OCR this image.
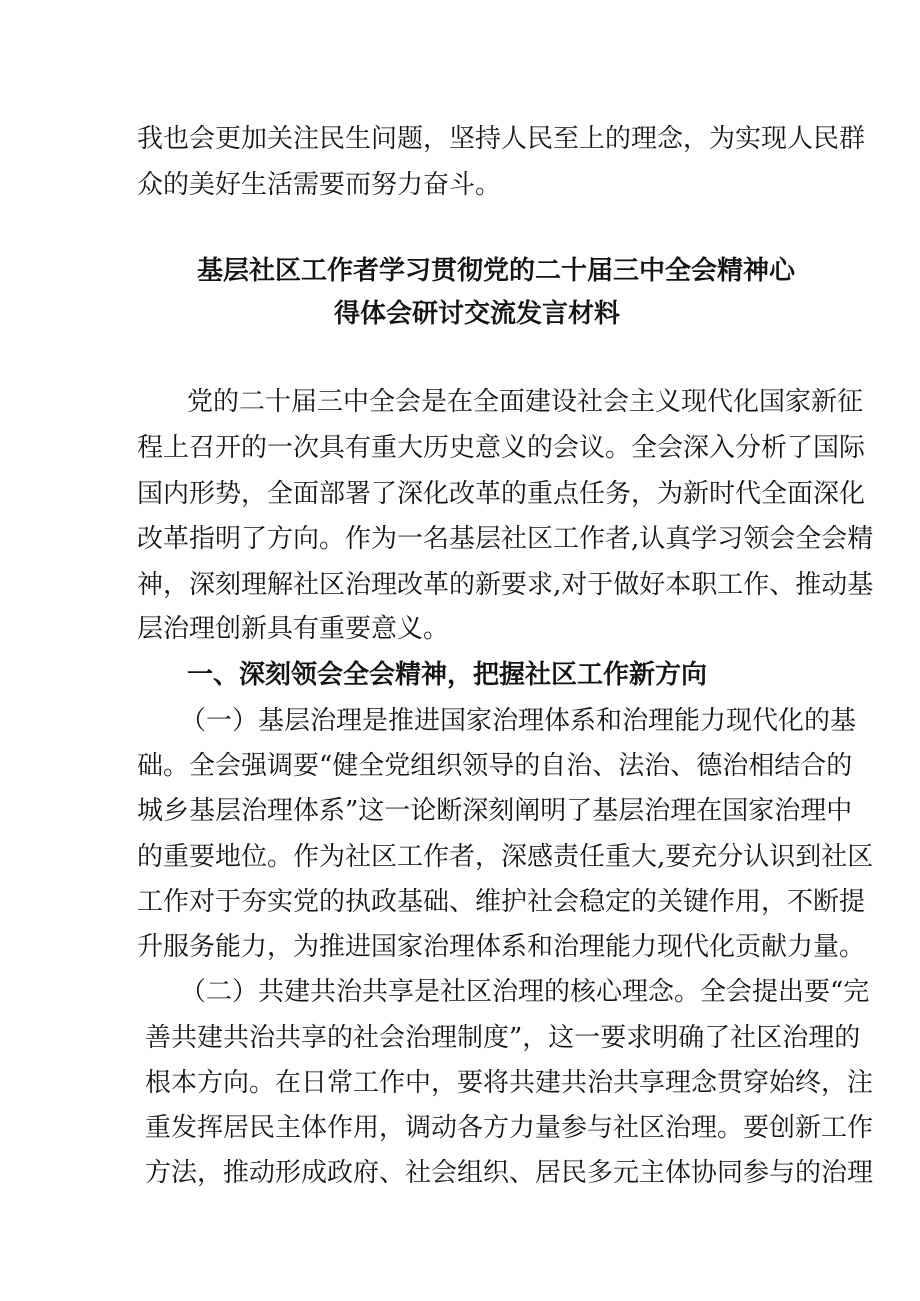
我也会更加关注民生问题，坚持人民至上的理念，为实现人民群
众的美好生活需要而努力奋斗。
基层社区工作者学习贯彻党的二十届三中全会精神心
得体会研讨交流发言材料
党的二十届三中全会是在全面建设社会主义现代化国家新征
程上召开的一次具有重大历史意义的会议。全会深入分析了国际
国内形势，全面部署了深化改革的重点任务，为新时代全面深化
改革指明了方向。作为一名基层社区工作者,认真学习领会全会精
神，深刻理解社区治理改革的新要求,对于做好本职工作、推动基
层治理创新具有重要意义。
一、深刻领会全会精神，把握社区工作新方向
（一）基层治理是推进国家治理体系和治理能力现代化的基
础。全会强调要“健全党组织领导的自治、法治、德治相结合的
城乡基层治理体系”这一论断深刻阐明了基层治理在国家治理中
的重要地位。作为社区工作者，深感责任重大,要充分认识到社区
工作对于夯实党的执政基础、维护社会稳定的关键作用，不断提
升服务能力，为推进国家治理体系和治理能力现代化贡献力量。
（二）共建共治共享是社区治理的核心理念。全会提出要“完
善共建共治共享的社会治理制度”，这一要求明确了社区治理的
根本方向。在日常工作中，要将共建共治共享理念贯穿始终，注
重发挥居民主体作用，调动各方力量参与社区治理。要创新工作
方法，推动形成政府、社会组织、居民多元主体协同参与的治理
